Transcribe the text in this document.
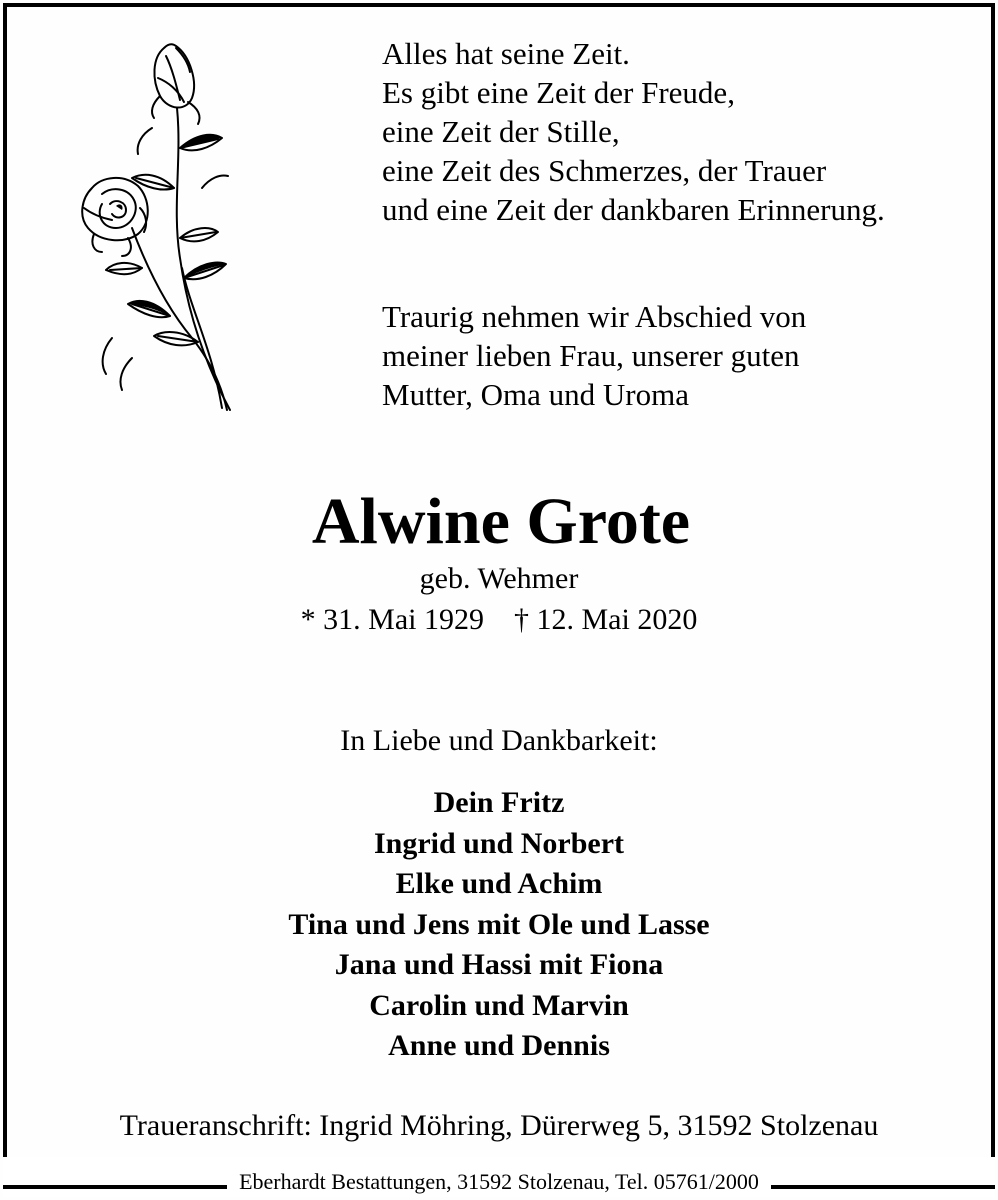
Alles hat seine Zeit.
Es gibt eine Zeit der Freude,
eine Zeit der Stille,
eine Zeit des Schmerzes, der Trauer
und eine Zeit der dankbaren Erinnerung.
Traurig nehmen wir Abschied von
meiner lieben Frau, unserer guten
Mutter, Oma und Uroma
Alwine Grote
geb. Wehmer
* 31. Mai 1929 † 12. Mai 2020
In Liebe und Dankbarkeit:
Dein Fritz
Ingrid und Norbert
Elke und Achim
Tina und Jens mit Ole und Lasse
Jana und Hassi mit Fiona
Carolin und Marvin
Anne und Dennis
Traueranschrift: Ingrid Möhring, Dürerweg 5, 31592 Stolzenau
Eberhardt Bestattungen, 31592 Stolzenau, Tel. 05761/2000
